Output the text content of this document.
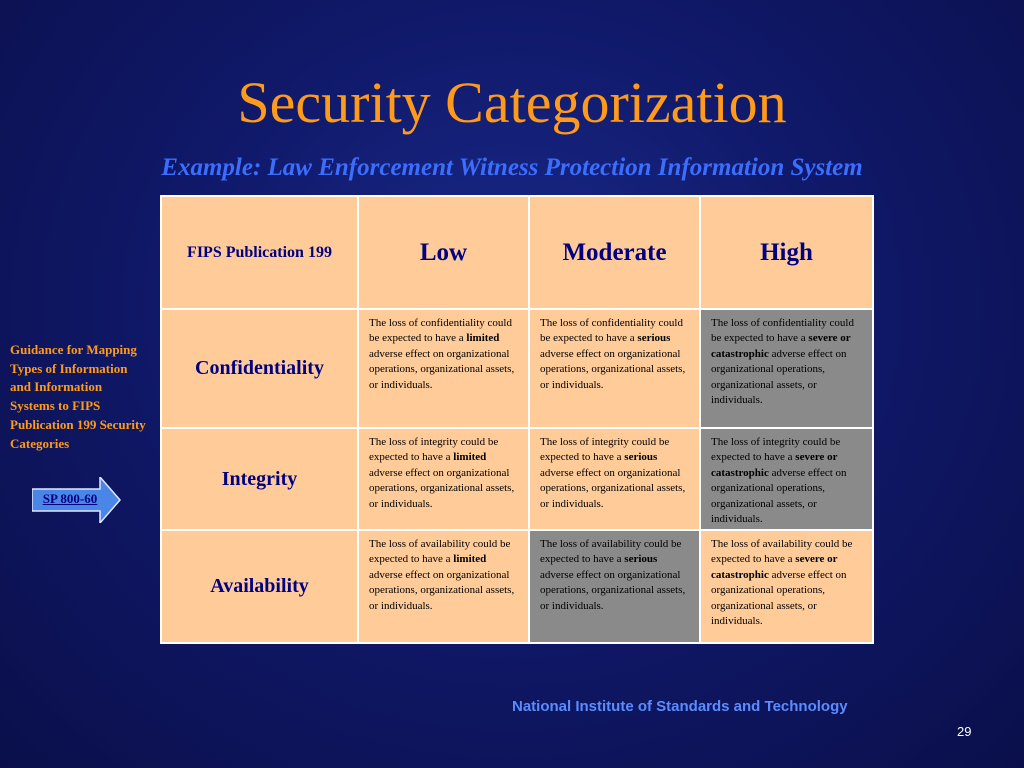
Security Categorization
Example: Law Enforcement Witness Protection Information System
FIPS Publication 199	Low	Moderate	High
Confidentiality	The loss of confidentiality could be expected to have a limited adverse effect on organizational operations, organizational assets, or individuals.	The loss of confidentiality could be expected to have a serious adverse effect on organizational operations, organizational assets, or individuals.	The loss of confidentiality could be expected to have a severe or catastrophic adverse effect on organizational operations, organizational assets, or individuals.
Integrity	The loss of integrity could be expected to have a limited adverse effect on organizational operations, organizational assets, or individuals.	The loss of integrity could be expected to have a serious adverse effect on organizational operations, organizational assets, or individuals.	The loss of integrity could be expected to have a severe or catastrophic adverse effect on organizational operations, organizational assets, or individuals.
Availability	The loss of availability could be expected to have a limited adverse effect on organizational operations, organizational assets, or individuals.	The loss of availability could be expected to have a serious adverse effect on organizational operations, organizational assets, or individuals.	The loss of availability could be expected to have a severe or catastrophic adverse effect on organizational operations, organizational assets, or individuals.
Guidance for Mapping Types of Information and Information Systems to FIPS Publication 199 Security Categories
SP 800-60
National Institute of Standards and Technology
29
